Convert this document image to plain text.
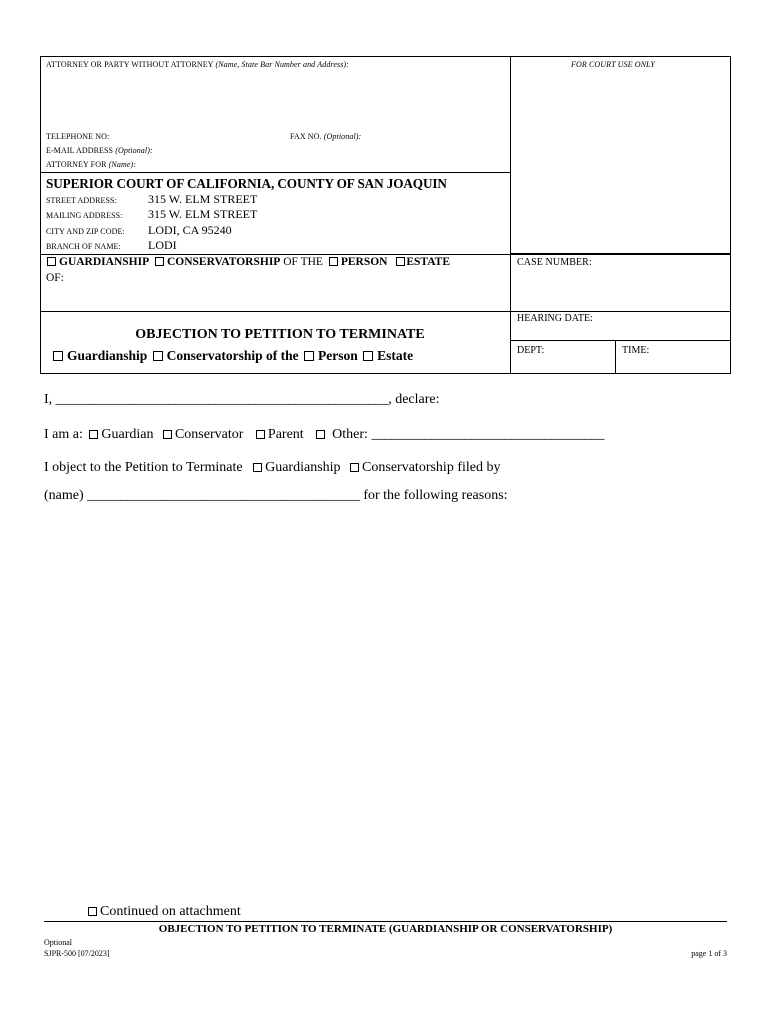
ATTORNEY OR PARTY WITHOUT ATTORNEY (Name, State Bar Number and Address):	FOR COURT USE ONLY
TELEPHONE NO:	FAX NO. (Optional):
E-MAIL ADDRESS (Optional):
ATTORNEY FOR (Name):
SUPERIOR COURT OF CALIFORNIA, COUNTY OF SAN JOAQUIN
STREET ADDRESS:	315 W. ELM STREET
MAILING ADDRESS: 315 W. ELM STREET
CITY AND ZIP CODE: LODI, CA 95240
BRANCH OF NAME: LODI
GUARDIANSHIP CONSERVATORSHIP OF THE PERSON ESTATE
OF:
CASE NUMBER:
OBJECTION TO PETITION TO TERMINATE
Guardianship Conservatorship of the Person Estate
HEARING DATE:
DEPT:	TIME:
I, __________________________________________________, declare:
I am a: Guardian Conservator Parent Other: ___________________________________
I object to the Petition to Terminate Guardianship Conservatorship filed by
(name) _________________________________________ for the following reasons:
Continued on attachment
OBJECTION TO PETITION TO TERMINATE (GUARDIANSHIP OR CONSERVATORSHIP)
Optional
SJPR-500 [07/2023]	page 1 of 3
